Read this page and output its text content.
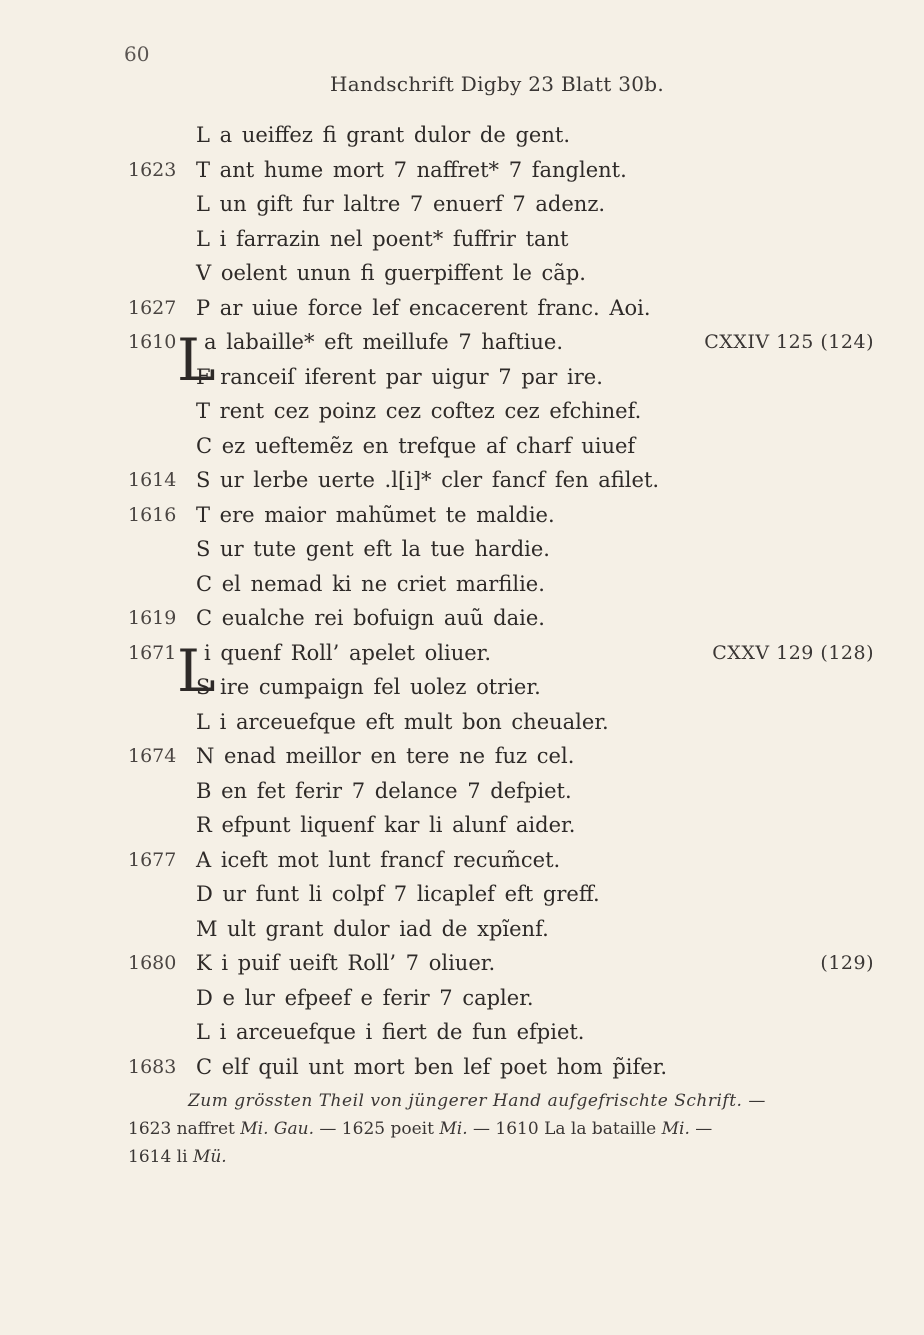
60
Handschrift Digby 23 Blatt 30b.
L a ueiffez fi grant dulor de gent.
1623 T ant hume mort 7 naffret* 7 fanglent.
L un gift fur laltre 7 enuerf 7 adenz.
L i farrazin nel poent* fuffrir tant
V oelent unun fi guerpiffent le cãp.
1627 P ar uiue force lef encacerent franc. Aoi.
1610 L
a labaille* eft meillufe 7 haftiue.	CXXIV 125 (124)
F ranceiſ iferent par uigur 7 par ire.
T rent cez poinz cez coftez cez efchinef.
C ez ueftemẽz en trefque af charf uiuef
1614 S ur lerbe uerte .l[i]* cler fancf fen afilet.
1616 T ere maior mahũmet te maldie.
S ur tute gent eft la tue hardie.
C el nemad ki ne criet marfilie.
1619 C eualche rei bofuign auũ daie.
1671 L
i quenf Roll’ apelet oliuer.	CXXV 129 (128)
S ire cumpaign fel uolez otrier.
L i arceuefque eft mult bon cheualer.
1674 N enad meillor en tere ne fuz cel.
B en fet ferir 7 delance 7 defpiet.
R efpunt liquenf kar li alunf aider.
1677 A iceft mot lunt francf recum̃cet.
D ur funt li colpf 7 licaplef eft greff.
M ult grant dulor iad de xpĩenf.
1680 K i puif ueift Roll’ 7 oliuer.	(129)
D e lur efpeef e ferir 7 capler.
L i arceuefque i fiert de fun efpiet.
1683 C elf quil unt mort ben lef poet hom p̃ifer.
Zum grössten Theil von jüngerer Hand aufgefrischte Schrift. —
1623 naffret Mi. Gau. — 1625 poeit Mi. — 1610 La la bataille Mi. —
1614 li Mü.
